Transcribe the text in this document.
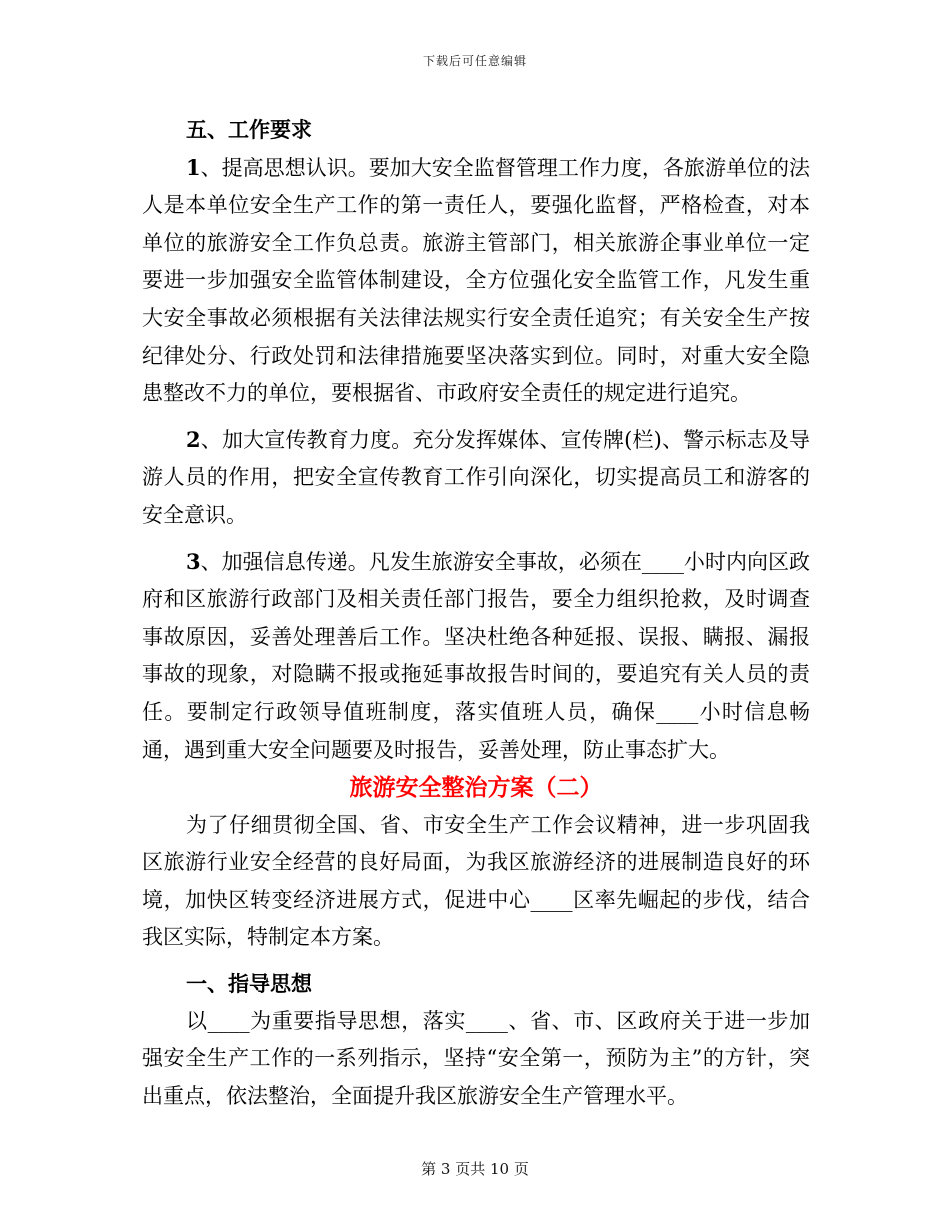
下载后可任意编辑

五、工作要求

1、提高思想认识。要加大安全监督管理工作力度，各旅游单位的法人是本单位安全生产工作的第一责任人，要强化监督，严格检查，对本单位的旅游安全工作负总责。旅游主管部门，相关旅游企事业单位一定要进一步加强安全监管体制建设，全方位强化安全监管工作，凡发生重大安全事故必须根据有关法律法规实行安全责任追究；有关安全生产按纪律处分、行政处罚和法律措施要坚决落实到位。同时，对重大安全隐患整改不力的单位，要根据省、市政府安全责任的规定进行追究。

2、加大宣传教育力度。充分发挥媒体、宣传牌(栏)、警示标志及导游人员的作用，把安全宣传教育工作引向深化，切实提高员工和游客的安全意识。

3、加强信息传递。凡发生旅游安全事故，必须在____小时内向区政府和区旅游行政部门及相关责任部门报告，要全力组织抢救，及时调查事故原因，妥善处理善后工作。坚决杜绝各种延报、误报、瞒报、漏报事故的现象，对隐瞒不报或拖延事故报告时间的，要追究有关人员的责任。要制定行政领导值班制度，落实值班人员，确保____小时信息畅通，遇到重大安全问题要及时报告，妥善处理，防止事态扩大。

旅游安全整治方案（二）

为了仔细贯彻全国、省、市安全生产工作会议精神，进一步巩固我区旅游行业安全经营的良好局面，为我区旅游经济的进展制造良好的环境，加快区转变经济进展方式，促进中心____区率先崛起的步伐，结合我区实际，特制定本方案。

一、指导思想

以____为重要指导思想，落实____、省、市、区政府关于进一步加强安全生产工作的一系列指示，坚持“安全第一，预防为主”的方针，突出重点，依法整治，全面提升我区旅游安全生产管理水平。

第 3 页共 10 页
